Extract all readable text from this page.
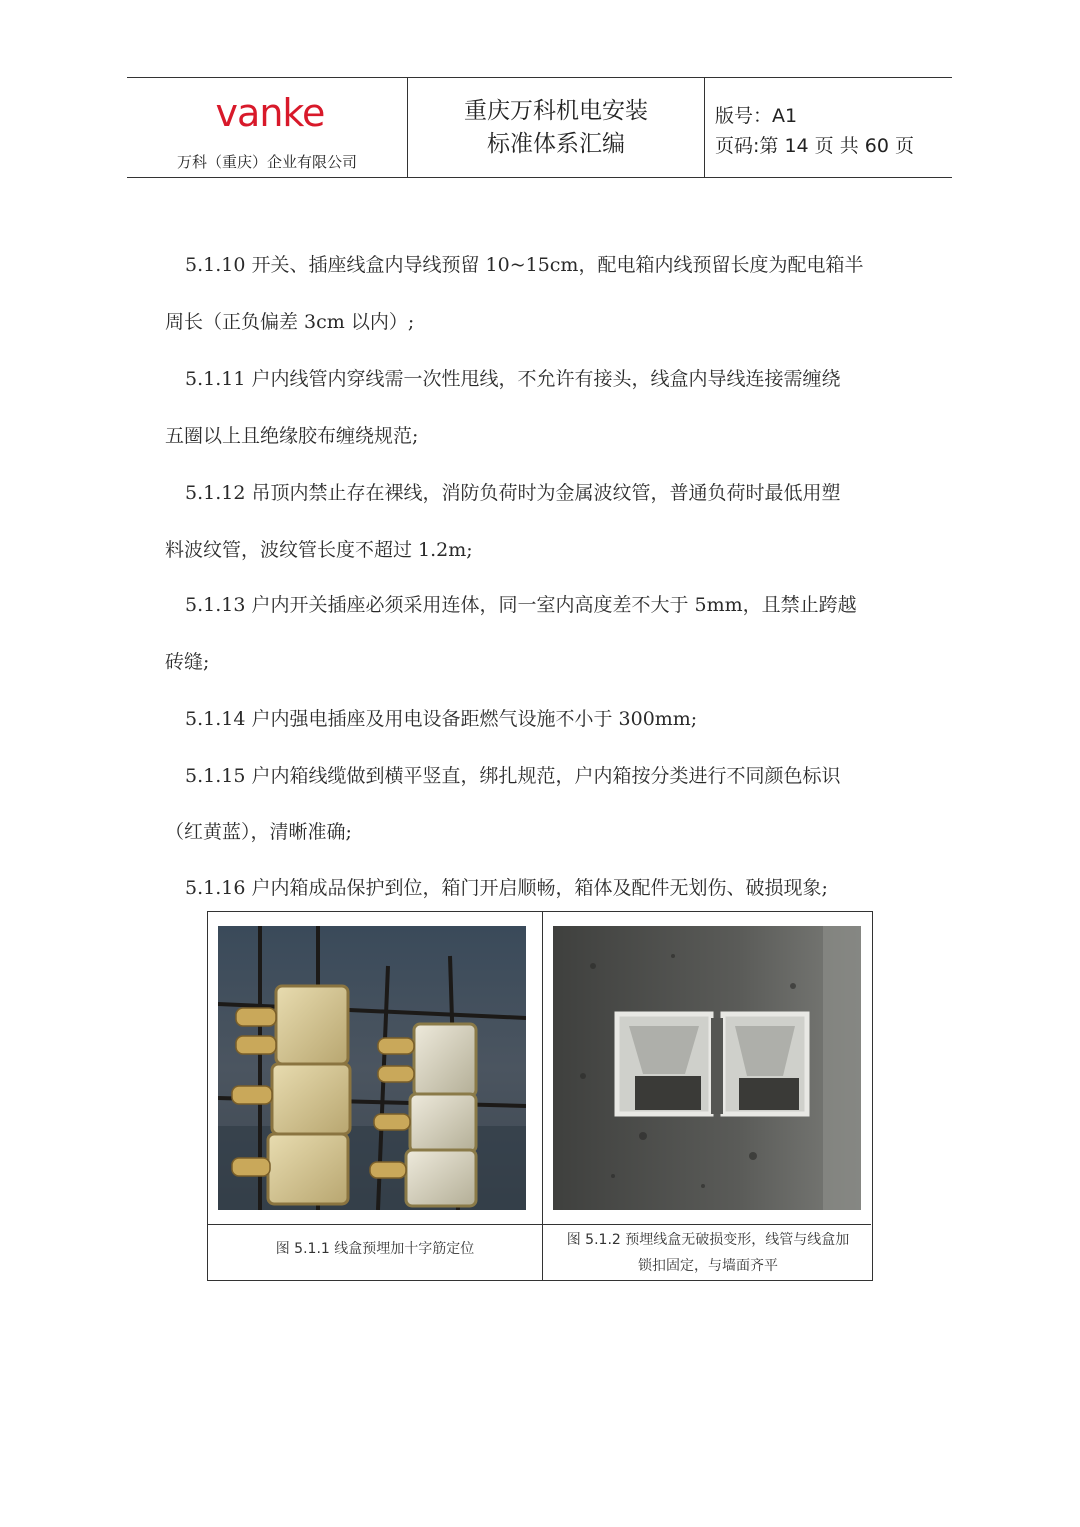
vanke
万科（重庆）企业有限公司
重庆万科机电安装
标准体系汇编
版号：A1
页码:第 14 页 共 60 页
5.1.10 开关、插座线盒内导线预留 10~15cm，配电箱内线预留长度为配电箱半
周长（正负偏差 3cm 以内）;
5.1.11 户内线管内穿线需一次性甩线，不允许有接头，线盒内导线连接需缠绕
五圈以上且绝缘胶布缠绕规范;
5.1.12 吊顶内禁止存在裸线，消防负荷时为金属波纹管，普通负荷时最低用塑
料波纹管，波纹管长度不超过 1.2m;
5.1.13 户内开关插座必须采用连体，同一室内高度差不大于 5mm，且禁止跨越
砖缝;
5.1.14 户内强电插座及用电设备距燃气设施不小于 300mm;
5.1.15 户内箱线缆做到横平竖直，绑扎规范，户内箱按分类进行不同颜色标识
（红黄蓝），清晰准确;
5.1.16 户内箱成品保护到位，箱门开启顺畅，箱体及配件无划伤、破损现象;
图 5.1.1 线盒预埋加十字筋定位
图 5.1.2 预埋线盒无破损变形，线管与线盒加
锁扣固定，与墙面齐平
